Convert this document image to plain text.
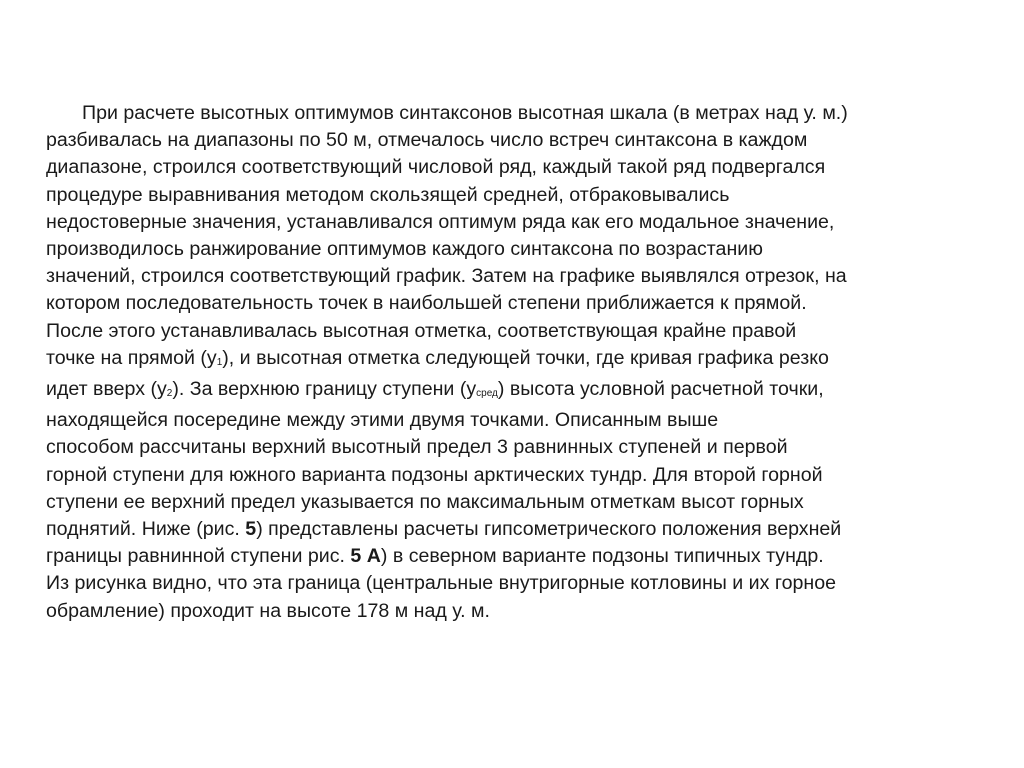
При расчете высотных оптимумов синтаксонов высотная шкала (в метрах над у. м.)
разбивалась на диапазоны по 50 м, отмечалось число встреч синтаксона в каждом
диапазоне, строился соответствующий числовой ряд, каждый такой ряд подвергался
процедуре выравнивания методом скользящей средней, отбраковывались
недостоверные значения, устанавливался оптимум ряда как его модальное значение,
производилось ранжирование оптимумов каждого синтаксона по возрастанию
значений, строился соответствующий график. Затем на графике выявлялся отрезок, на
котором последовательность точек в наибольшей степени приближается к прямой.
После этого устанавливалась высотная отметка, соответствующая крайне правой
точке на прямой (y1), и высотная отметка следующей точки, где кривая графика резко
идет вверх (y2). За верхнюю границу ступени (yсред) высота условной расчетной точки,
находящейся посередине между этими двумя точками. Описанным выше
способом рассчитаны верхний высотный предел 3 равнинных ступеней и первой
горной ступени для южного варианта подзоны арктических тундр. Для второй горной
ступени ее верхний предел указывается по максимальным отметкам высот горных
поднятий. Ниже (рис. 5) представлены расчеты гипсометрического положения верхней
границы равнинной ступени рис. 5 А) в северном варианте подзоны типичных тундр.
Из рисунка видно, что эта граница (центральные внутригорные котловины и их горное
обрамление) проходит на высоте 178 м над у. м.
